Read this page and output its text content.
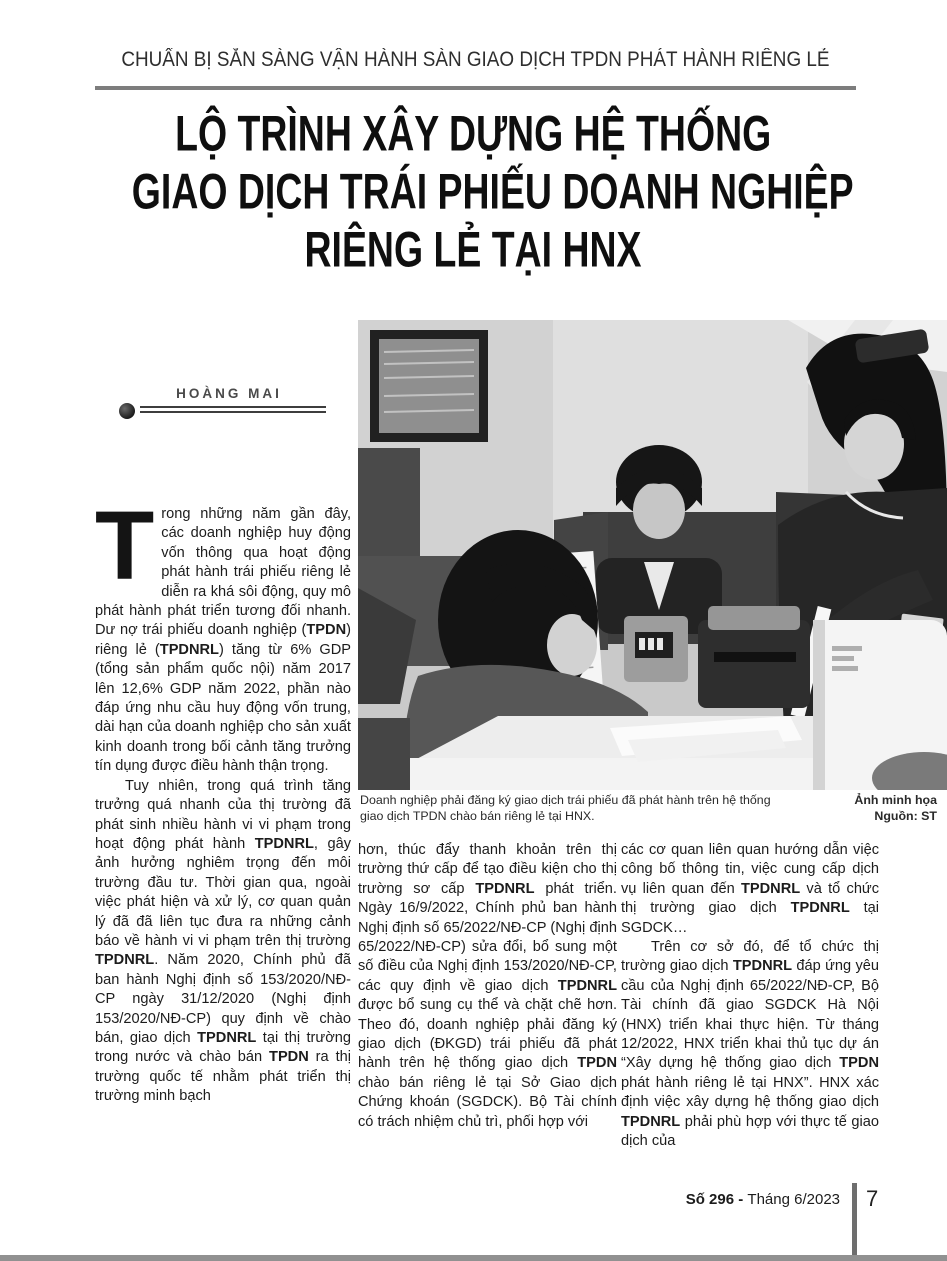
CHUẨN BỊ SẴN SÀNG VẬN HÀNH SÀN GIAO DỊCH TPDN PHÁT HÀNH RIÊNG LẺ
LỘ TRÌNH XÂY DỰNG HỆ THỐNG
GIAO DỊCH TRÁI PHIẾU DOANH NGHIỆP
RIÊNG LẺ TẠI HNX
HOÀNG MAI
Doanh nghiệp phải đăng ký giao dịch trái phiếu đã phát hành trên hệ thống giao dịch TPDN chào bán riêng lẻ tại HNX.
Ảnh minh họa
Nguồn: ST

Trong những năm gần đây, các doanh nghiệp huy động vốn thông qua hoạt động phát hành trái phiếu riêng lẻ diễn ra khá sôi động, quy mô phát hành phát triển tương đối nhanh. Dư nợ trái phiếu doanh nghiệp (TPDN) riêng lẻ (TPDNRL) tăng từ 6% GDP (tổng sản phẩm quốc nội) năm 2017 lên 12,6% GDP năm 2022, phần nào đáp ứng nhu cầu huy động vốn trung, dài hạn của doanh nghiệp cho sản xuất kinh doanh trong bối cảnh tăng trưởng tín dụng được điều hành thận trọng.

Tuy nhiên, trong quá trình tăng trưởng quá nhanh của thị trường đã phát sinh nhiều hành vi vi phạm trong hoạt động phát hành TPDNRL, gây ảnh hưởng nghiêm trọng đến môi trường đầu tư. Thời gian qua, ngoài việc phát hiện và xử lý, cơ quan quản lý đã đã liên tục đưa ra những cảnh báo về hành vi vi phạm trên thị trường TPDNRL. Năm 2020, Chính phủ đã ban hành Nghị định số 153/2020/NĐ-CP ngày 31/12/2020 (Nghị định 153/2020/NĐ-CP) quy định về chào bán, giao dịch TPDNRL tại thị trường trong nước và chào bán TPDN ra thị trường quốc tế nhằm phát triển thị trường minh bạch

hơn, thúc đẩy thanh khoản trên thị trường thứ cấp để tạo điều kiện cho thị trường sơ cấp TPDNRL phát triển. Ngày 16/9/2022, Chính phủ ban hành Nghị định số 65/2022/NĐ-CP (Nghị định 65/2022/NĐ-CP) sửa đổi, bổ sung một số điều của Nghị định 153/2020/NĐ-CP, các quy định về giao dịch TPDNRL được bổ sung cụ thể và chặt chẽ hơn. Theo đó, doanh nghiệp phải đăng ký giao dịch (ĐKGD) trái phiếu đã phát hành trên hệ thống giao dịch TPDN chào bán riêng lẻ tại Sở Giao dịch Chứng khoán (SGDCK). Bộ Tài chính có trách nhiệm chủ trì, phối hợp với

các cơ quan liên quan hướng dẫn việc công bố thông tin, việc cung cấp dịch vụ liên quan đến TPDNRL và tổ chức thị trường giao dịch TPDNRL tại SGDCK…

Trên cơ sở đó, để tổ chức thị trường giao dịch TPDNRL đáp ứng yêu cầu của Nghị định 65/2022/NĐ-CP, Bộ Tài chính đã giao SGDCK Hà Nội (HNX) triển khai thực hiện. Từ tháng 12/2022, HNX triển khai thủ tục dự án “Xây dựng hệ thống giao dịch TPDN phát hành riêng lẻ tại HNX”. HNX xác định việc xây dựng hệ thống giao dịch TPDNRL phải phù hợp với thực tế giao dịch của

Số 296 - Tháng 6/2023 7
